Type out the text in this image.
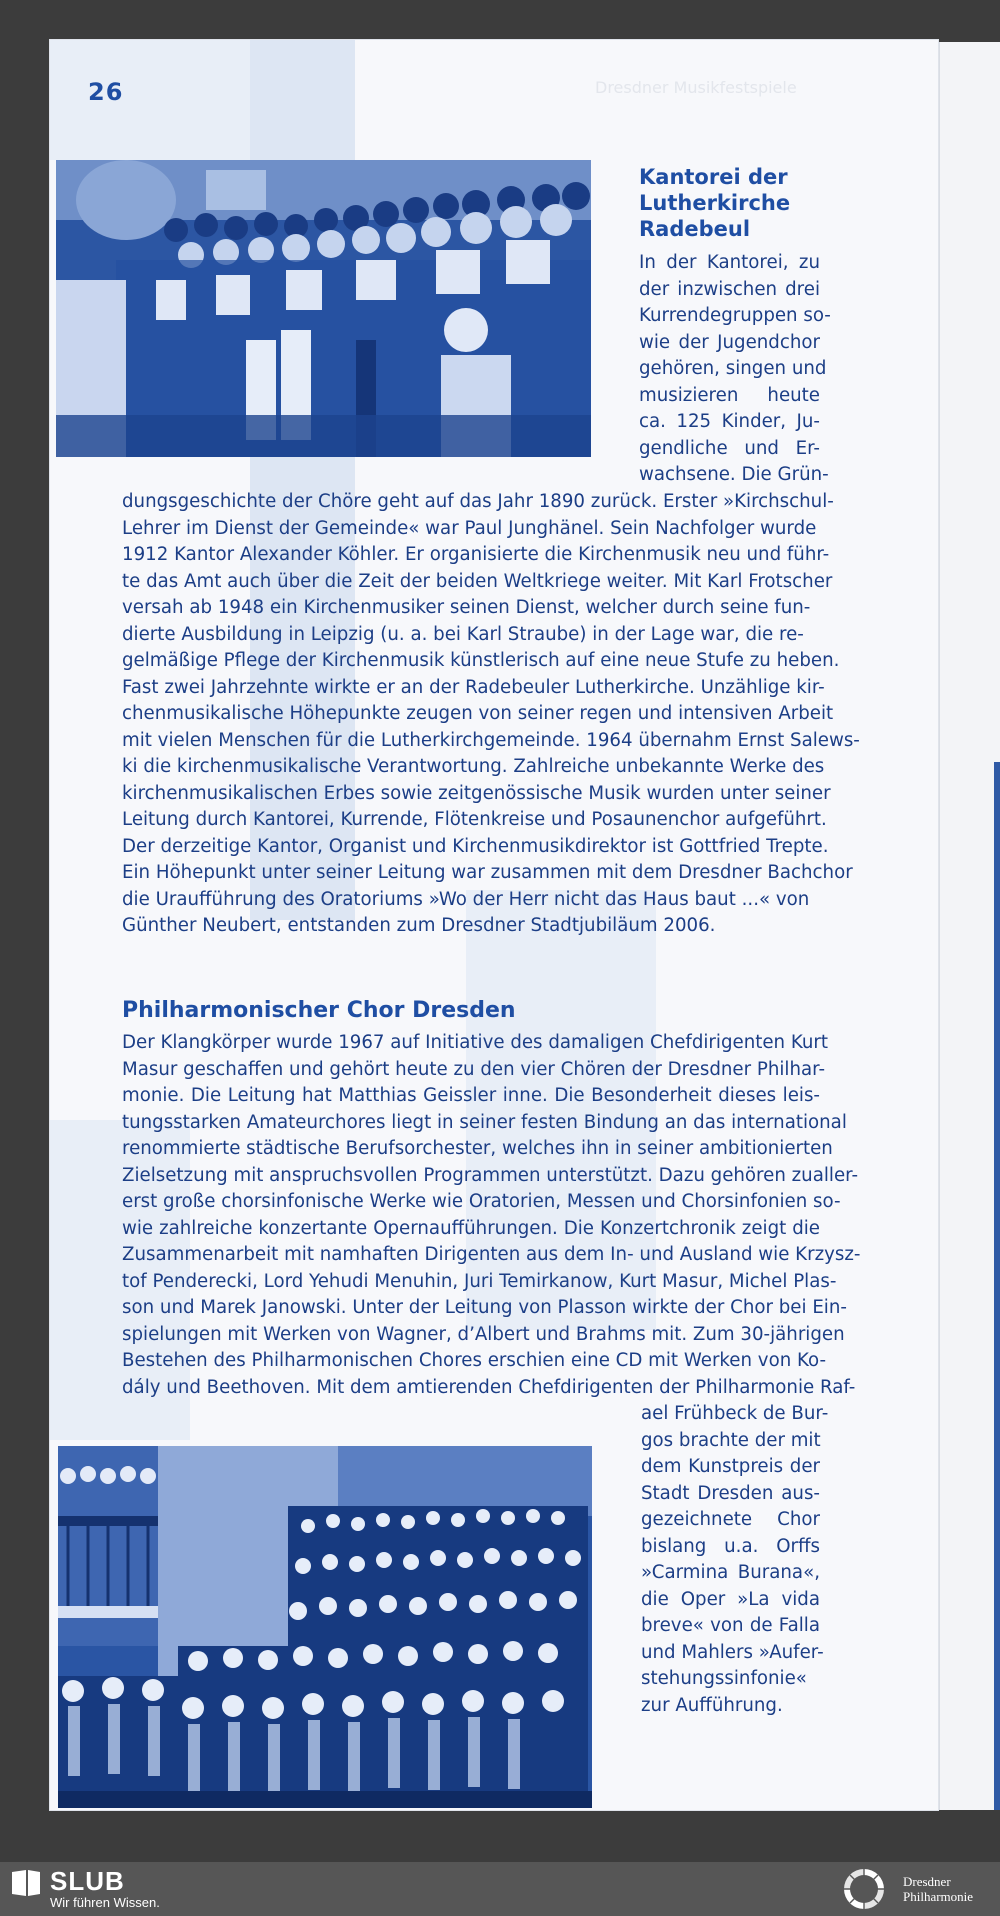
26	Dresdner Musikfestspiele
Kantorei der
Lutherkirche
Radebeul
In der Kantorei, zu
der inzwischen drei
Kurrendegruppen so-
wie der Jugendchor
gehören, singen und
musizieren heute
ca. 125 Kinder, Ju-
gendliche und Er-
wachsene. Die Grün-
dungsgeschichte der Chöre geht auf das Jahr 1890 zurück. Erster »Kirchschul-
Lehrer im Dienst der Gemeinde« war Paul Junghänel. Sein Nachfolger wurde
1912 Kantor Alexander Köhler. Er organisierte die Kirchenmusik neu und führ-
te das Amt auch über die Zeit der beiden Weltkriege weiter. Mit Karl Frotscher
versah ab 1948 ein Kirchenmusiker seinen Dienst, welcher durch seine fun-
dierte Ausbildung in Leipzig (u. a. bei Karl Straube) in der Lage war, die re-
gelmäßige Pflege der Kirchenmusik künstlerisch auf eine neue Stufe zu heben.
Fast zwei Jahrzehnte wirkte er an der Radebeuler Lutherkirche. Unzählige kir-
chenmusikalische Höhepunkte zeugen von seiner regen und intensiven Arbeit
mit vielen Menschen für die Lutherkirchgemeinde. 1964 übernahm Ernst Salews-
ki die kirchenmusikalische Verantwortung. Zahlreiche unbekannte Werke des
kirchenmusikalischen Erbes sowie zeitgenössische Musik wurden unter seiner
Leitung durch Kantorei, Kurrende, Flötenkreise und Posaunenchor aufgeführt.
Der derzeitige Kantor, Organist und Kirchenmusikdirektor ist Gottfried Trepte.
Ein Höhepunkt unter seiner Leitung war zusammen mit dem Dresdner Bachchor
die Uraufführung des Oratoriums »Wo der Herr nicht das Haus baut ...« von
Günther Neubert, entstanden zum Dresdner Stadtjubiläum 2006.
Philharmonischer Chor Dresden
Der Klangkörper wurde 1967 auf Initiative des damaligen Chefdirigenten Kurt
Masur geschaffen und gehört heute zu den vier Chören der Dresdner Philhar-
monie. Die Leitung hat Matthias Geissler inne. Die Besonderheit dieses leis-
tungsstarken Amateurchores liegt in seiner festen Bindung an das international
renommierte städtische Berufsorchester, welches ihn in seiner ambitionierten
Zielsetzung mit anspruchsvollen Programmen unterstützt. Dazu gehören zualler-
erst große chorsinfonische Werke wie Oratorien, Messen und Chorsinfonien so-
wie zahlreiche konzertante Opernaufführungen. Die Konzertchronik zeigt die
Zusammenarbeit mit namhaften Dirigenten aus dem In- und Ausland wie Krzysz-
tof Penderecki, Lord Yehudi Menuhin, Juri Temirkanow, Kurt Masur, Michel Plas-
son und Marek Janowski. Unter der Leitung von Plasson wirkte der Chor bei Ein-
spielungen mit Werken von Wagner, d’Albert und Brahms mit. Zum 30-jährigen
Bestehen des Philharmonischen Chores erschien eine CD mit Werken von Ko-
dály und Beethoven. Mit dem amtierenden Chefdirigenten der Philharmonie Raf-
ael Frühbeck de Bur-
gos brachte der mit
dem Kunstpreis der
Stadt Dresden aus-
gezeichnete Chor
bislang u.a. Orffs
»Carmina Burana«,
die Oper »La vida
breve« von de Falla
und Mahlers »Aufer-
stehungssinfonie«
zur Aufführung.
SLUB
Wir führen Wissen.
Dresdner
Philharmonie
